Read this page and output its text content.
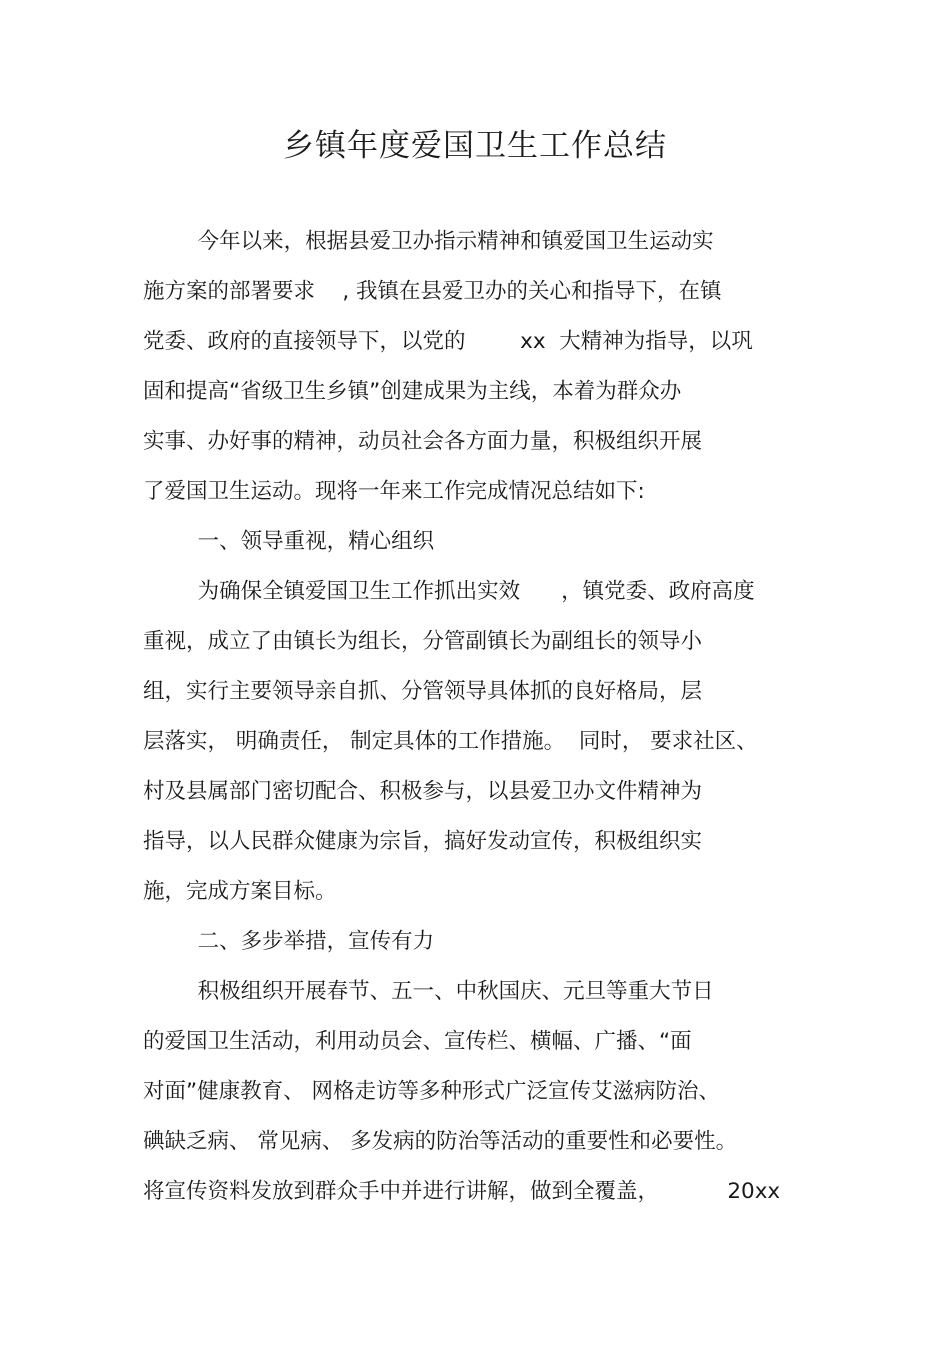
乡镇年度爱国卫生工作总结
今年以来，根据县爱卫办指示精神和镇爱国卫生运动实
施方案的部署要求    , 我镇在县爱卫办的关心和指导下，在镇
党委、政府的直接领导下，以党的        xx  大精神为指导，以巩
固和提高“省级卫生乡镇”创建成果为主线，本着为群众办
实事、办好事的精神，动员社会各方面力量，积极组织开展
了爱国卫生运动。现将一年来工作完成情况总结如下:
一、领导重视，精心组织
为确保全镇爱国卫生工作抓出实效      ，镇党委、政府高度
重视，成立了由镇长为组长，分管副镇长为副组长的领导小
组，实行主要领导亲自抓、分管领导具体抓的良好格局，层
层落实， 明确责任， 制定具体的工作措施。  同时， 要求社区、
村及县属部门密切配合、积极参与，以县爱卫办文件精神为
指导，以人民群众健康为宗旨，搞好发动宣传，积极组织实
施，完成方案目标。
二、多步举措，宣传有力
积极组织开展春节、五一、中秋国庆、元旦等重大节日
的爱国卫生活动，利用动员会、宣传栏、横幅、广播、“面
对面”健康教育、 网格走访等多种形式广泛宣传艾滋病防治、
碘缺乏病、 常见病、 多发病的防治等活动的重要性和必要性。
将宣传资料发放到群众手中并进行讲解，做到全覆盖，          20xx
